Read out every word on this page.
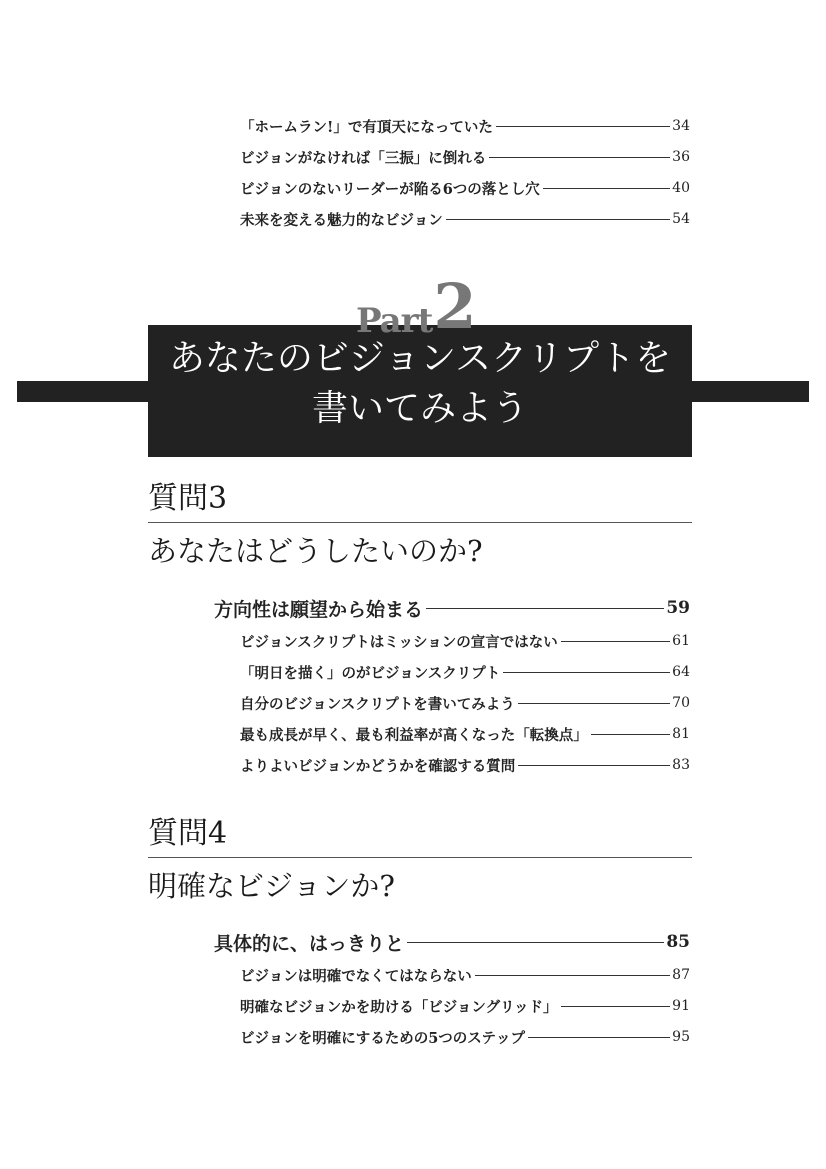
「ホームラン!」で有頂天になっていた	34
ビジョンがなければ「三振」に倒れる	36
ビジョンのないリーダーが陥る6つの落とし穴	40
未来を変える魅力的なビジョン	54
Part 2
あなたのビジョンスクリプトを
書いてみよう
質問3
あなたはどうしたいのか?
方向性は願望から始まる	59
ビジョンスクリプトはミッションの宣言ではない	61
「明日を描く」のがビジョンスクリプト	64
自分のビジョンスクリプトを書いてみよう	70
最も成長が早く、最も利益率が高くなった「転換点」	81
よりよいビジョンかどうかを確認する質問	83
質問4
明確なビジョンか?
具体的に、はっきりと	85
ビジョンは明確でなくてはならない	87
明確なビジョンかを助ける「ビジョングリッド」	91
ビジョンを明確にするための5つのステップ	95
